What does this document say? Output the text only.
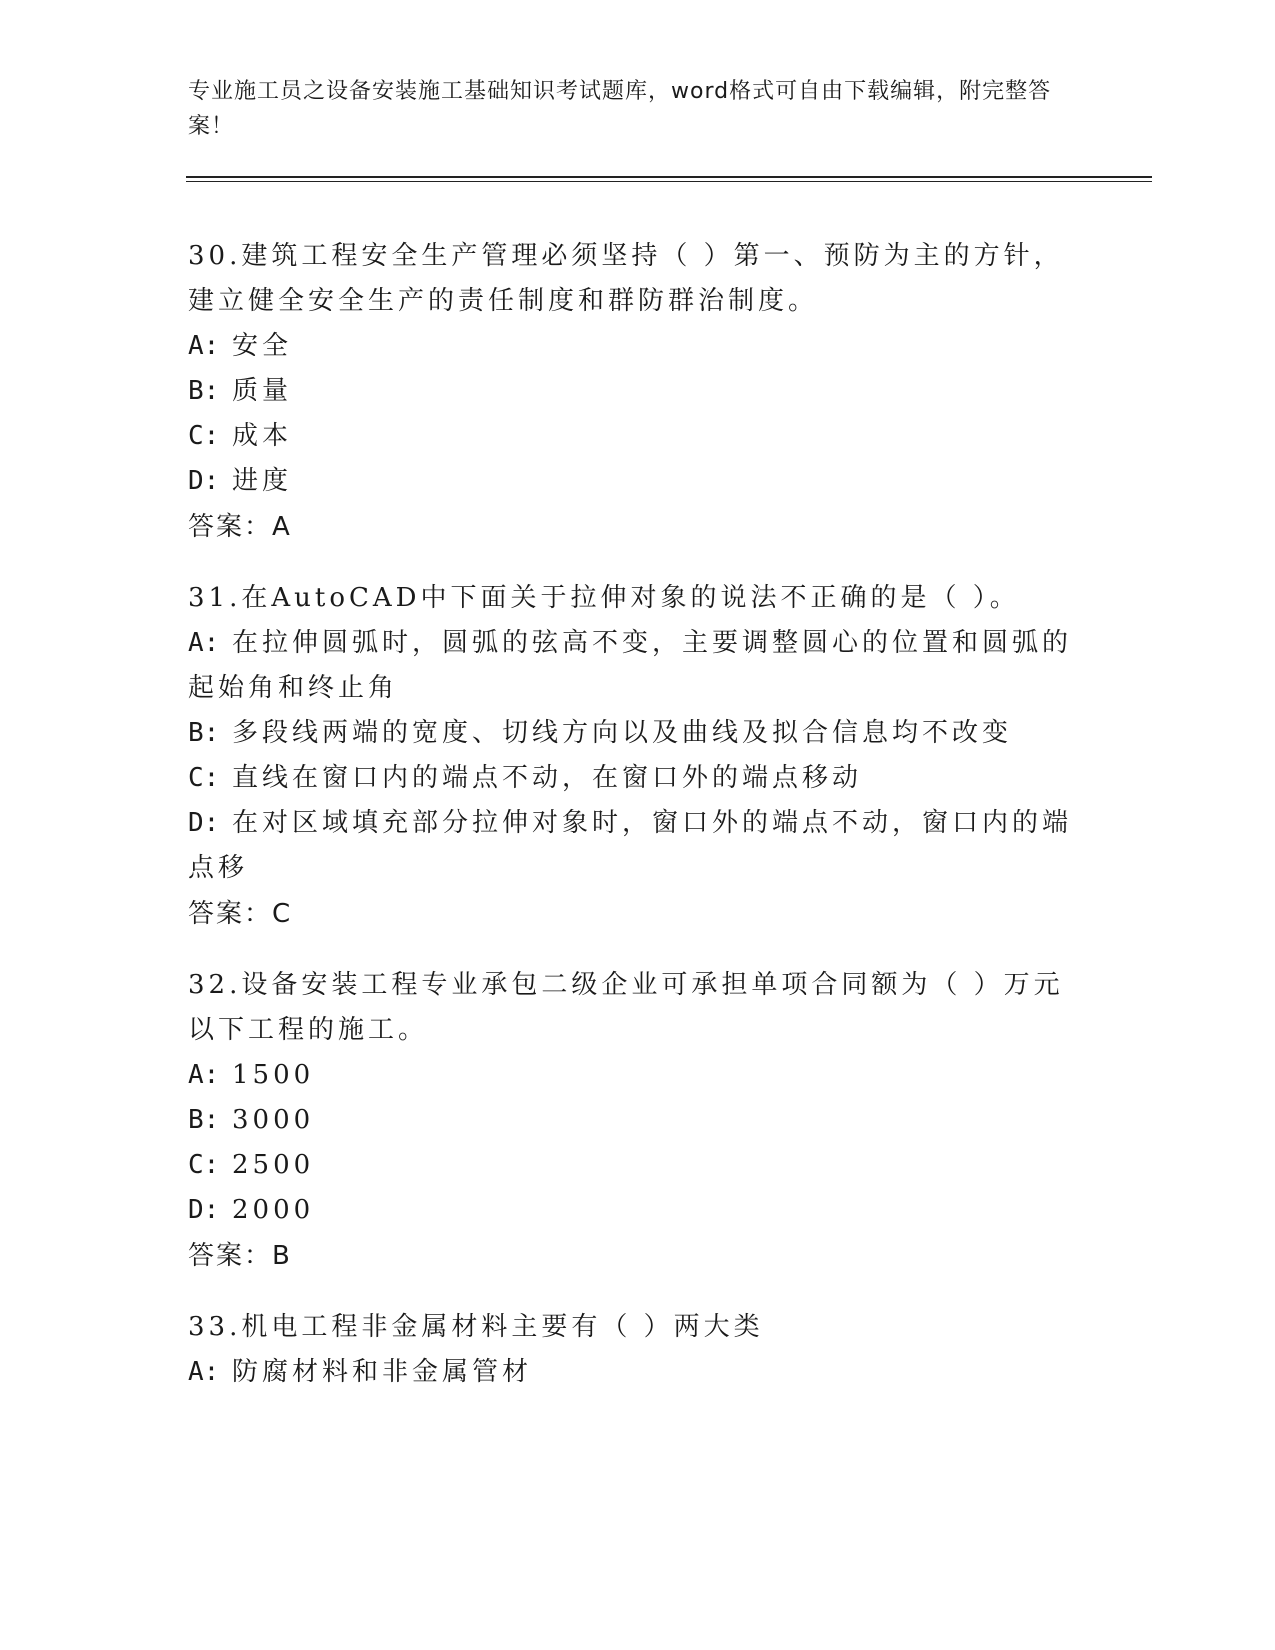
专业施工员之设备安装施工基础知识考试题库，word格式可自由下载编辑，附完整答案！
30.建筑工程安全生产管理必须坚持（ ）第一、预防为主的方针，建立健全安全生产的责任制度和群防群治制度。
A: 安全
B: 质量
C: 成本
D: 进度
答案：A
31.在AutoCAD中下面关于拉伸对象的说法不正确的是（ ）。
A: 在拉伸圆弧时，圆弧的弦高不变，主要调整圆心的位置和圆弧的起始角和终止角
B: 多段线两端的宽度、切线方向以及曲线及拟合信息均不改变
C: 直线在窗口内的端点不动，在窗口外的端点移动
D: 在对区域填充部分拉伸对象时，窗口外的端点不动，窗口内的端点移
答案：C
32.设备安装工程专业承包二级企业可承担单项合同额为（ ）万元以下工程的施工。
A: 1500
B: 3000
C: 2500
D: 2000
答案：B
33.机电工程非金属材料主要有（ ）两大类
A: 防腐材料和非金属管材
